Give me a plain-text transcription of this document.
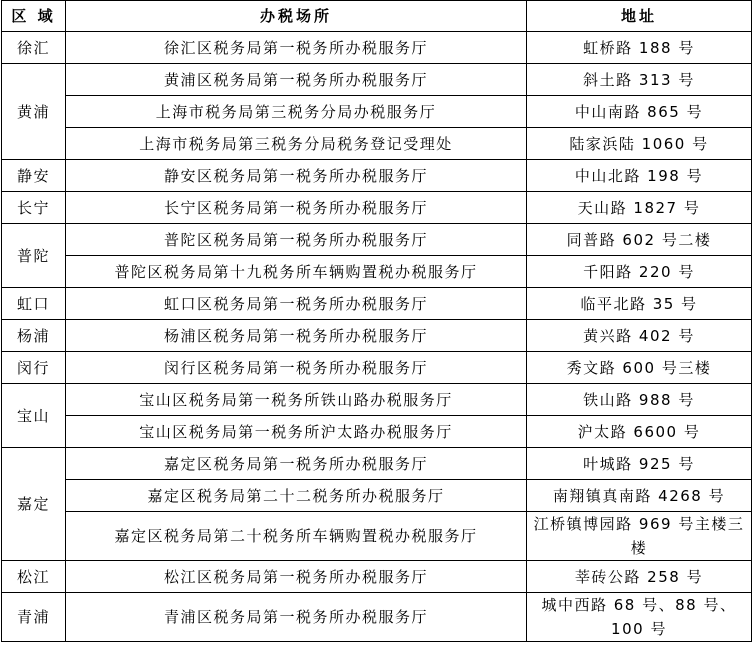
区 域	办税场所	地址
徐汇	徐汇区税务局第一税务所办税服务厅	虹桥路 188 号
黄浦	黄浦区税务局第一税务所办税服务厅	斜土路 313 号
	上海市税务局第三税务分局办税服务厅	中山南路 865 号
	上海市税务局第三税务分局税务登记受理处	陆家浜陆 1060 号
静安	静安区税务局第一税务所办税服务厅	中山北路 198 号
长宁	长宁区税务局第一税务所办税服务厅	天山路 1827 号
普陀	普陀区税务局第一税务所办税服务厅	同普路 602 号二楼
	普陀区税务局第十九税务所车辆购置税办税服务厅	千阳路 220 号
虹口	虹口区税务局第一税务所办税服务厅	临平北路 35 号
杨浦	杨浦区税务局第一税务所办税服务厅	黄兴路 402 号
闵行	闵行区税务局第一税务所办税服务厅	秀文路 600 号三楼
宝山	宝山区税务局第一税务所铁山路办税服务厅	铁山路 988 号
	宝山区税务局第一税务所沪太路办税服务厅	沪太路 6600 号
嘉定	嘉定区税务局第一税务所办税服务厅	叶城路 925 号
	嘉定区税务局第二十二税务所办税服务厅	南翔镇真南路 4268 号
	嘉定区税务局第二十税务所车辆购置税办税服务厅	江桥镇博园路 969 号主楼三楼
松江	松江区税务局第一税务所办税服务厅	莘砖公路 258 号
青浦	青浦区税务局第一税务所办税服务厅	城中西路 68 号、88 号、100 号
